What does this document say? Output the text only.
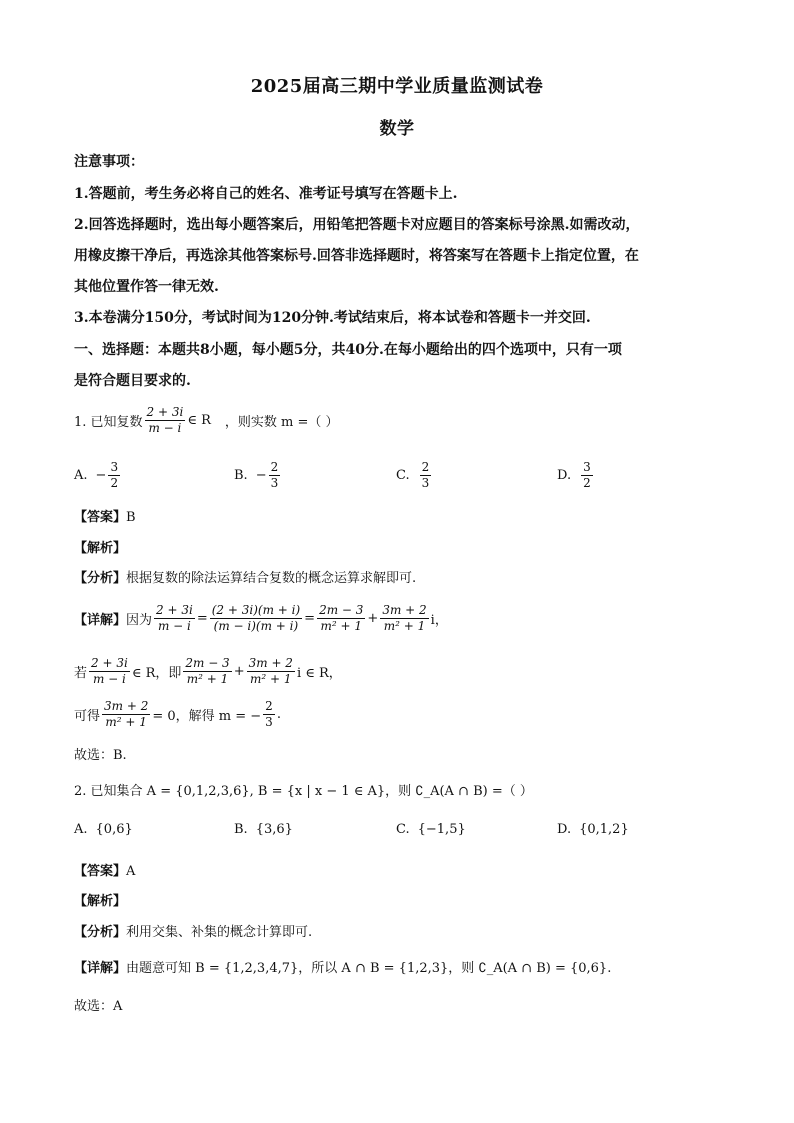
2025届高三期中学业质量监测试卷
数学
注意事项：
1.答题前，考生务必将自己的姓名、准考证号填写在答题卡上.
2.回答选择题时，选出每小题答案后，用铅笔把答题卡对应题目的答案标号涂黑.如需改动，
用橡皮擦干净后，再选涂其他答案标号.回答非选择题时，将答案写在答题卡上指定位置，在
其他位置作答一律无效.
3.本卷满分150分，考试时间为120分钟.考试结束后，将本试卷和答题卡一并交回.
一、选择题：本题共8小题，每小题5分，共40分.在每小题给出的四个选项中，只有一项
是符合题目要求的.
1. 已知复数 $\frac{2 + 3i}{m - i}$ ∈ R ，则实数 m =（ ）
A. − $\frac{3}{2}$	B. − $\frac{2}{3}$	C. $\frac{2}{3}$	D. $\frac{3}{2}$
【答案】B
【解析】
【分析】根据复数的除法运算结合复数的概念运算求解即可.
【详解】 因为 $\frac{2 + 3i}{m - i} = \frac{(2 + 3i)(m + i)}{(m - i)(m + i)} = \frac{2m - 3}{\text{m² + 1}} + \frac{3m + 2}{\text{m² + 1}}$ i，
若 $\frac{2 + 3i}{m - i}$ ∈ R，即 $\frac{2m - 3}{\text{m² + 1}} + \frac{3m + 2}{\text{m² + 1}}$ i ∈ R，
可得 $\frac{3m + 2}{\text{m² + 1}} = 0$，解得 m = − $\frac{2}{3}$ .
故选：B.
2. 已知集合 A = {0,1,2,3,6}, B = {x | x − 1 ∈ A}，则 ∁_A(A ∩ B) =（ ）
A. {0,6}	B. {3,6}	C. {−1,5}	D. {0,1,2}
【答案】A
【解析】
【分析】利用交集、补集的概念计算即可.
【详解】由题意可知 B = {1,2,3,4,7}，所以 A ∩ B = {1,2,3}，则 ∁_A(A ∩ B) = {0,6}.
故选：A
